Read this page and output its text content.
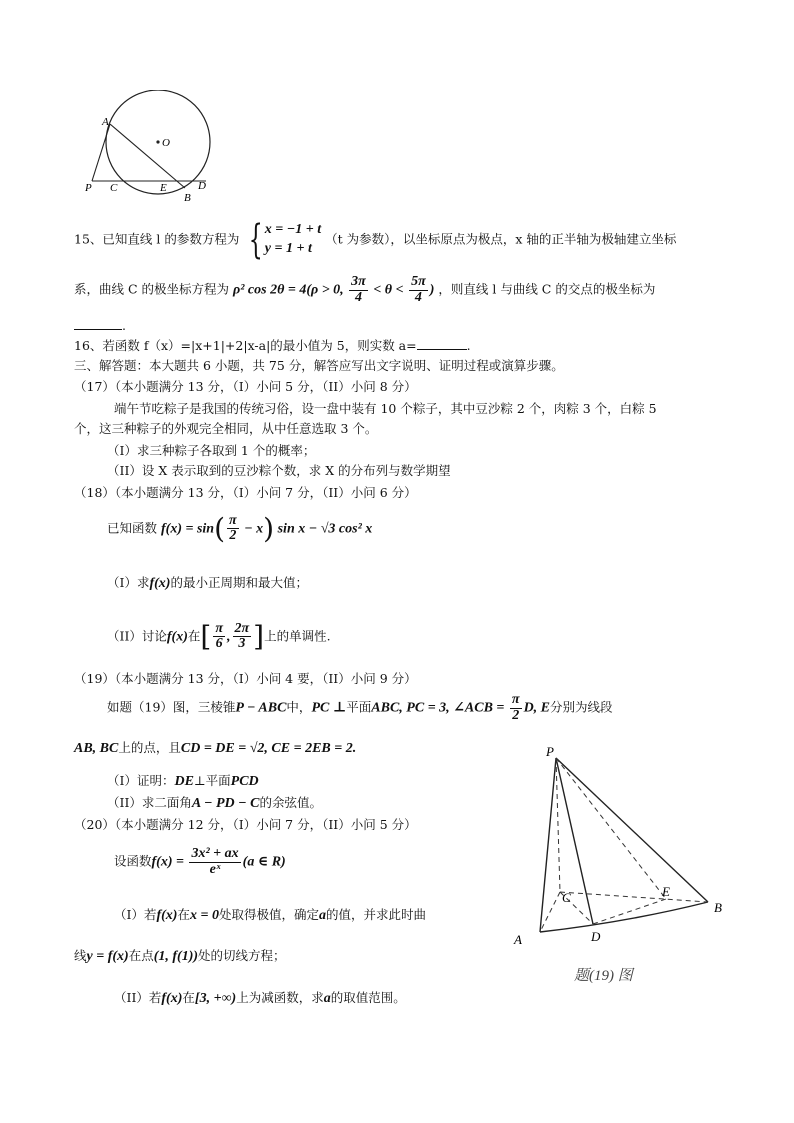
A
O
P C	E	D
B
15、已知直线 l 的参数方程为 { x = −1 + t
y = 1 + t
（t 为参数），以坐标原点为极点，x 轴的正半轴为极轴建立坐标
系，曲线 C 的极坐标方程为 ρ² cos 2θ = 4(ρ > 0, $\frac{3\pi}{4} < \theta < \frac{5\pi}{4}$ ) ，则直线 l 与曲线 C 的交点的极坐标为
.
16、若函数 f（x）=|x+1|+2|x-a|的最小值为 5，则实数 a=	.
三、解答题：本大题共 6 小题，共 75 分，解答应写出文字说明、证明过程或演算步骤。
（17）（本小题满分 13 分，（I）小问 5 分，（II）小问 8 分）
端午节吃粽子是我国的传统习俗，设一盘中装有 10 个粽子，其中豆沙粽 2 个，肉粽 3 个，白粽 5
个，这三种粽子的外观完全相同，从中任意选取 3 个。
（I）求三种粽子各取到 1 个的概率；
（II）设 X 表示取到的豆沙粽个数，求 X 的分布列与数学期望
（18）（本小题满分 13 分，（I）小问 7 分，（II）小问 6 分）
已知函数 $f(x) = \sin( \frac{\pi}{2} - x)$ sin x − √3 cos² x
（I）求f(x)的最小正周期和最大值；
（II）讨论f(x)在[ $\frac{\pi}{6}$ , $\frac{2\pi}{3}$ ]上的单调性.
（19）（本小题满分 13 分，（I）小问 4 要，（II）小问 9 分）
如题（19）图，三棱锥P − ABC中，PC ⊥平面ABC, PC = 3, ∠ACB = $\frac{\pi}{2} D$, E分别为线段
AB, BC上的点，且CD = DE = √2, CE = 2EB = 2.
（I）证明：DE⊥平面PCD
（II）求二面角A − PD − C的余弦值。
P
C	E
B
A	D
题(19) 图
（20）（本小题满分 12 分，（I）小问 7 分，（II）小问 5 分）
设函数$f(x) = \frac{\text{3x² + ax}}{\text{eˣ}} (a$ ∈ R)
（I）若f(x)在x = 0处取得极值，确定a的值，并求此时曲
线y = f(x)在点(1, f(1))处的切线方程；
（II）若f(x)在[3, +∞)上为减函数，求a的取值范围。
